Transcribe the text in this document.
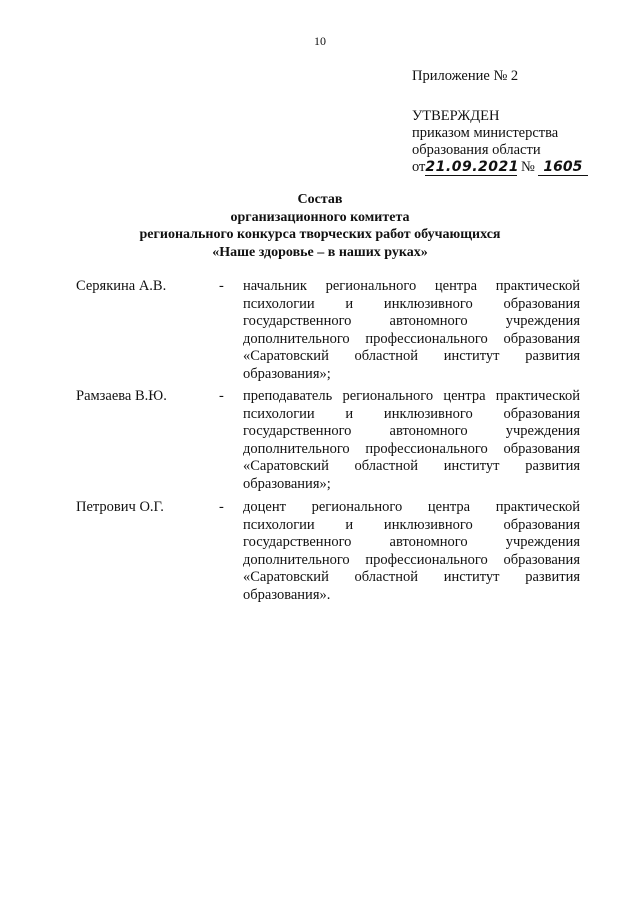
10
Приложение № 2
УТВЕРЖДЕН
приказом министерства
образования области
от21.09.2021 № 1605
Состав
организационного комитета
регионального конкурса творческих работ обучающихся
«Наше здоровье – в наших руках»
Серякина А.В.	- начальник регионального центра практической психологии и инклюзивного образования государственного автономного учреждения дополнительного профессионального образования «Саратовский областной институт развития
образования»;
Рамзаева В.Ю.	- преподаватель регионального центра практической психологии и инклюзивного образования государственного автономного учреждения дополнительного профессионального образования «Саратовский областной институт развития
образования»;
Петрович О.Г.	- доцент регионального центра практической психологии и инклюзивного образования государственного автономного учреждения дополнительного профессионального образования «Саратовский областной институт развития
образования».
